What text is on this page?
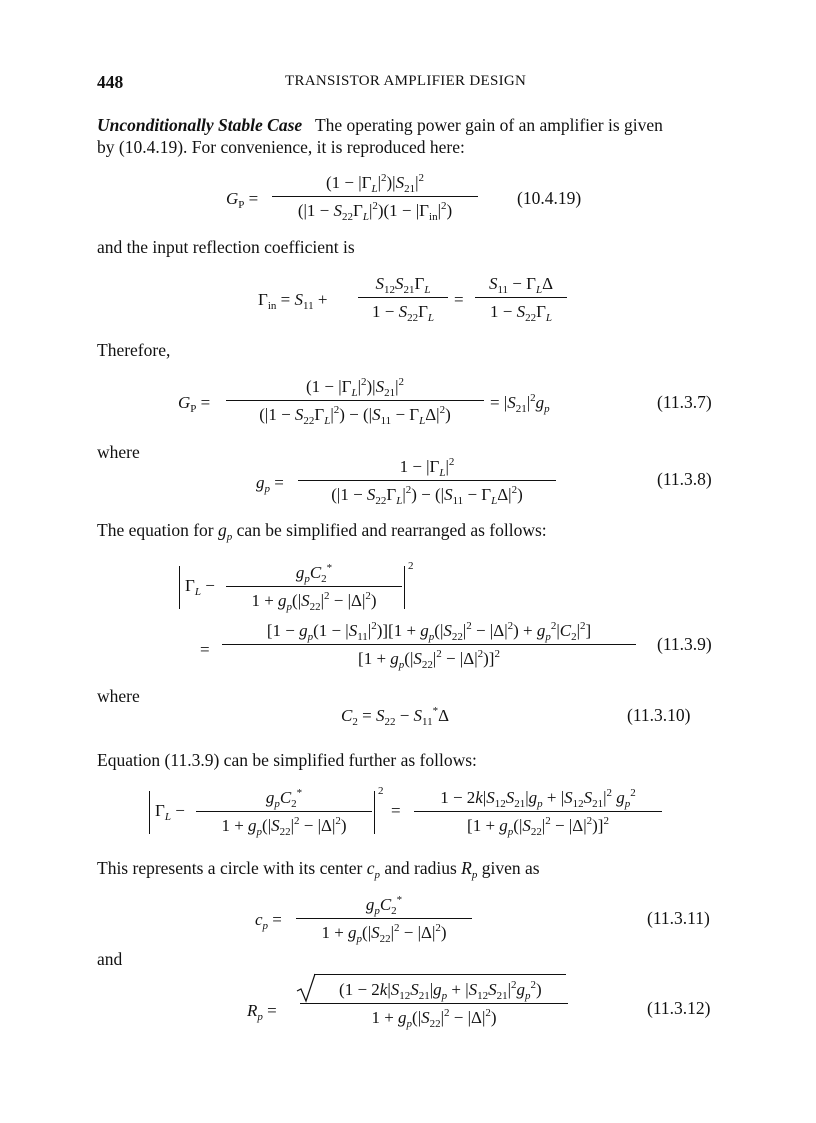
448	TRANSISTOR AMPLIFIER DESIGN
Unconditionally Stable Case The operating power gain of an amplifier is given
by (10.4.19). For convenience, it is reproduced here:
$G_P$ =
$(1 - |\Gamma_L|^2)|S_{21}|^2$
$(|1 - S_{22}\Gamma_L|^2)(1 - |\Gamma_{in}|^2)$
(10.4.19)
and the input reflection coefficient is
$\Gamma_{in} = S_{11}$ +
$S_{12}S_{21}\Gamma_L$
$1 - S_{22}\Gamma_L$
=
$S_{11} - \Gamma_L\Delta$
$1 - S_{22}\Gamma_L$
Therefore,
$G_P$ =
$(1 - |\Gamma_L|^2)|S_{21}|^2$
$(|1 - S_{22}\Gamma_L|^2) - (|S_{11} - \Gamma_L\Delta|^2)$
= $|S_{21}|^2g_p$	(11.3.7)
where
$g_p$ =
$1 - |\Gamma_L|^2$
$(|1 - S_{22}\Gamma_L|^2) - (|S_{11} - \Gamma_L\Delta|^2)$
(11.3.8)
The equation for $g_p$ can be simplified and rearranged as follows:
$\Gamma_L$ −
$g_pC_2^*$
$1 + g_p(|S_{22}|^2 - |\Delta|^2)$
2
=
$[1 - g_p(1 - |S_{11}|^2)][1 + g_p(|S_{22}|^2 - |\Delta|^2) + g_p^2|C_2|^2]$
$[1 + g_p(|S_{22}|^2 - |\Delta|^2)]^2$	(11.3.9)
where
$C_2 = S_{22} - S_{11}^*\Delta$	(11.3.10)
Equation (11.3.9) can be simplified further as follows:
$\Gamma_L$ −
$g_pC_2^*$
$1 + g_p(|S_{22}|^2 - |\Delta|^2)$
2
=
$1 - 2k|S_{12}S_{21}|g_p + |S_{12}S_{21}|^2$ $g_p^2$
$[1 + g_p(|S_{22}|^2 - |\Delta|^2)]^2$
This represents a circle with its center $c_p$ and radius $R_p$ given as
$c_p$ =
$g_pC_2^*$
$1 + g_p(|S_{22}|^2 - |\Delta|^2)$
(11.3.11)
and
$R_p$ =
$(1 - 2k|S_{12}S_{21}|g_p + |S_{12}S_{21}|^2g_p^2)$
$1 + g_p(|S_{22}|^2 - |\Delta|^2)$	(11.3.12)
